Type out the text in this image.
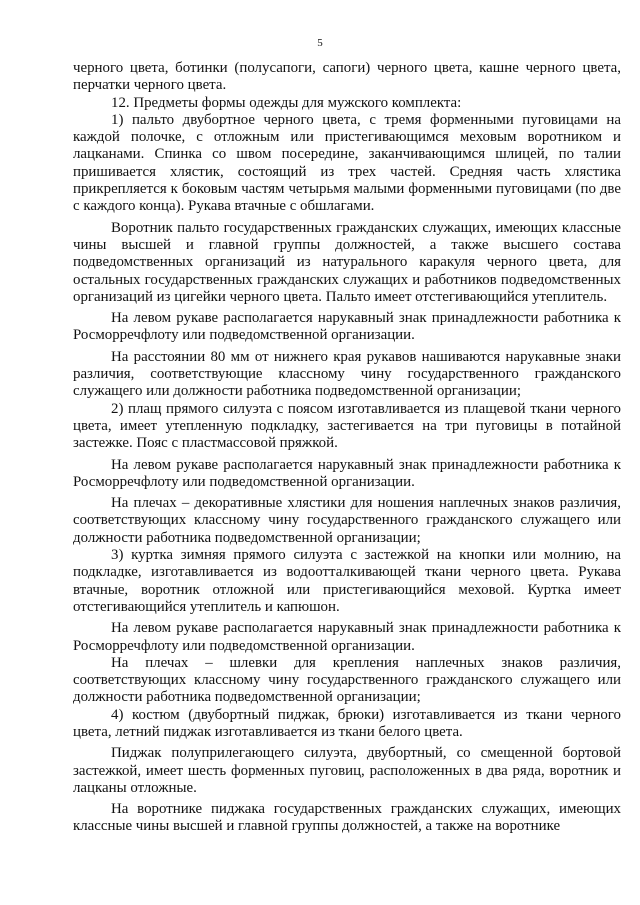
5

черного цвета, ботинки (полусапоги, сапоги) черного цвета, кашне черного цвета, перчатки черного цвета.

12. Предметы формы одежды для мужского комплекта:

1) пальто двубортное черного цвета, с тремя форменными пуговицами на каждой полочке, с отложным или пристегивающимся меховым воротником и лацканами. Спинка со швом посередине, заканчивающимся шлицей, по талии пришивается хлястик, состоящий из трех частей. Средняя часть хлястика прикрепляется к боковым частям четырьмя малыми форменными пуговицами (по две с каждого конца). Рукава втачные с обшлагами.

Воротник пальто государственных гражданских служащих, имеющих классные чины высшей и главной группы должностей, а также высшего состава подведомственных организаций из натурального каракуля черного цвета, для остальных государственных гражданских служащих и работников подведомственных организаций из цигейки черного цвета. Пальто имеет отстегивающийся утеплитель.

На левом рукаве располагается нарукавный знак принадлежности работника к Росморречфлоту или подведомственной организации.

На расстоянии 80 мм от нижнего края рукавов нашиваются нарукавные знаки различия, соответствующие классному чину государственного гражданского служащего или должности работника подведомственной организации;

2) плащ прямого силуэта с поясом изготавливается из плащевой ткани черного цвета, имеет утепленную подкладку, застегивается на три пуговицы в потайной застежке. Пояс с пластмассовой пряжкой.

На левом рукаве располагается нарукавный знак принадлежности работника к Росморречфлоту или подведомственной организации.

На плечах – декоративные хлястики для ношения наплечных знаков различия, соответствующих классному чину государственного гражданского служащего или должности работника подведомственной организации;

3) куртка зимняя прямого силуэта с застежкой на кнопки или молнию, на подкладке, изготавливается из водоотталкивающей ткани черного цвета. Рукава втачные, воротник отложной или пристегивающийся меховой. Куртка имеет отстегивающийся утеплитель и капюшон.

На левом рукаве располагается нарукавный знак принадлежности работника к Росморречфлоту или подведомственной организации.

На плечах – шлевки для крепления наплечных знаков различия, соответствующих классному чину государственного гражданского служащего или должности работника подведомственной организации;

4) костюм (двубортный пиджак, брюки) изготавливается из ткани черного цвета, летний пиджак изготавливается из ткани белого цвета.

Пиджак полуприлегающего силуэта, двубортный, со смещенной бортовой застежкой, имеет шесть форменных пуговиц, расположенных в два ряда, воротник и лацканы отложные.

На воротнике пиджака государственных гражданских служащих, имеющих классные чины высшей и главной группы должностей, а также на воротнике
